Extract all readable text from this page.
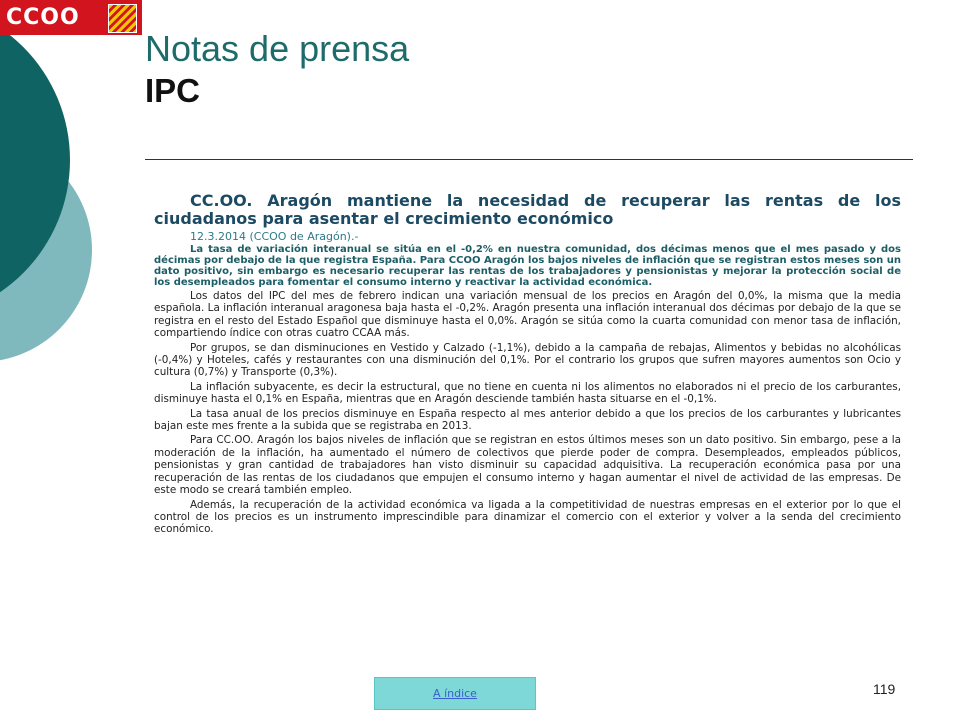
CCOO
Notas de prensa
IPC

CC.OO. Aragón mantiene la necesidad de recuperar las rentas de los ciudadanos para asentar el crecimiento económico

12.3.2014 (CCOO de Aragón).-

La tasa de variación interanual se sitúa en el -0,2% en nuestra comunidad, dos décimas menos que el mes pasado y dos décimas por debajo de la que registra España. Para CCOO Aragón los bajos niveles de inflación que se registran estos meses son un dato positivo, sin embargo es necesario recuperar las rentas de los trabajadores y pensionistas y mejorar la protección social de los desempleados para fomentar el consumo interno y reactivar la actividad económica.

Los datos del IPC del mes de febrero indican una variación mensual de los precios en Aragón del 0,0%, la misma que la media española. La inflación interanual aragonesa baja hasta el -0,2%. Aragón presenta una inflación interanual dos décimas por debajo de la que se registra en el resto del Estado Español que disminuye hasta el 0,0%. Aragón se sitúa como la cuarta comunidad con menor tasa de inflación, compartiendo índice con otras cuatro CCAA más.

Por grupos, se dan disminuciones en Vestido y Calzado (-1,1%), debido a la campaña de rebajas, Alimentos y bebidas no alcohólicas (-0,4%) y Hoteles, cafés y restaurantes con una disminución del 0,1%. Por el contrario los grupos que sufren mayores aumentos son Ocio y cultura (0,7%) y Transporte (0,3%).

La inflación subyacente, es decir la estructural, que no tiene en cuenta ni los alimentos no elaborados ni el precio de los carburantes, disminuye hasta el 0,1% en España, mientras que en Aragón desciende también hasta situarse en el -0,1%.

La tasa anual de los precios disminuye en España respecto al mes anterior debido a que los precios de los carburantes y lubricantes bajan este mes frente a la subida que se registraba en 2013.

Para CC.OO. Aragón los bajos niveles de inflación que se registran en estos últimos meses son un dato positivo. Sin embargo, pese a la moderación de la inflación, ha aumentado el número de colectivos que pierde poder de compra. Desempleados, empleados públicos, pensionistas y gran cantidad de trabajadores han visto disminuir su capacidad adquisitiva. La recuperación económica pasa por una recuperación de las rentas de los ciudadanos que empujen el consumo interno y hagan aumentar el nivel de actividad de las empresas. De este modo se creará también empleo.

Además, la recuperación de la actividad económica va ligada a la competitividad de nuestras empresas en el exterior por lo que el control de los precios es un instrumento imprescindible para dinamizar el comercio con el exterior y volver a la senda del crecimiento económico.

A índice	119
